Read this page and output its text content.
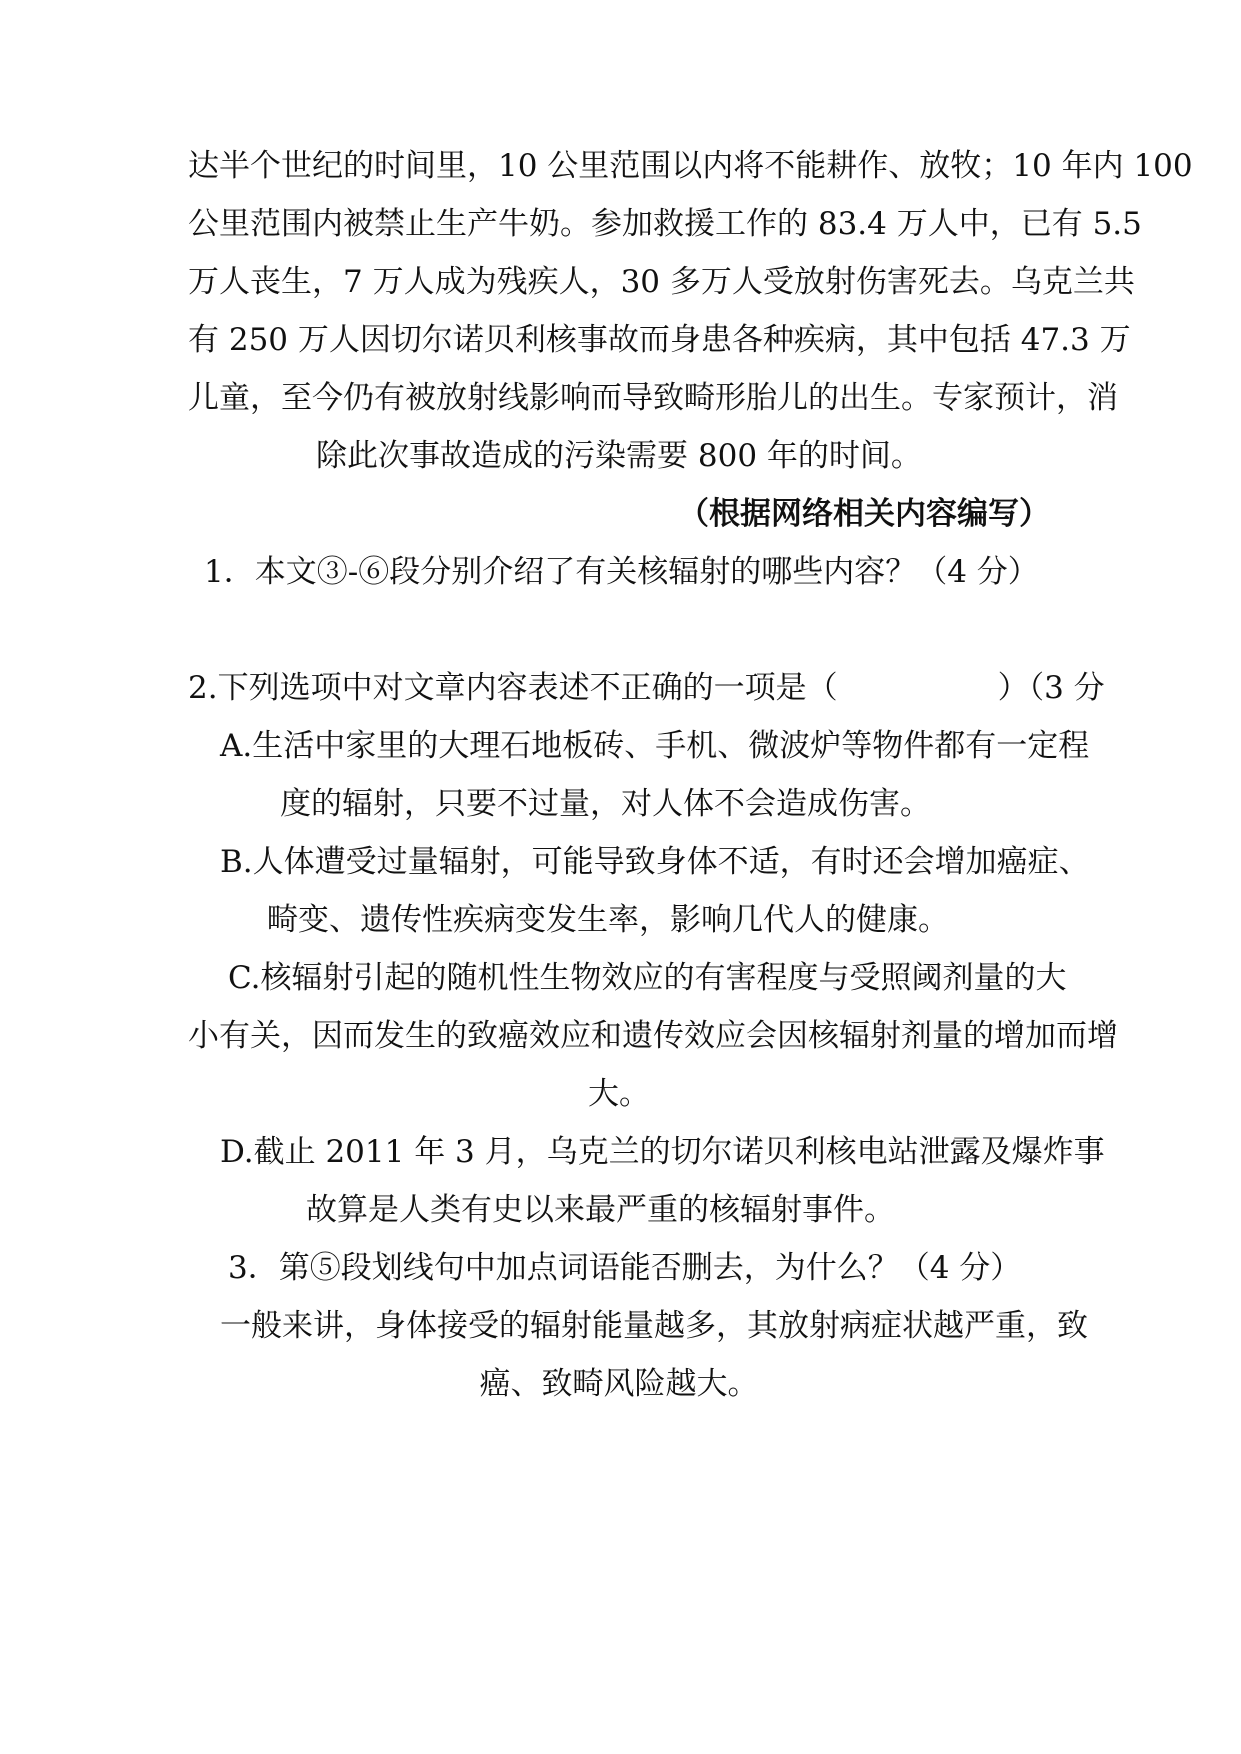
达半个世纪的时间里，10 公里范围以内将不能耕作、放牧；10 年内 100
公里范围内被禁止生产牛奶。参加救援工作的 83.4 万人中，已有 5.5
万人丧生，7 万人成为残疾人，30 多万人受放射伤害死去。乌克兰共
有 250 万人因切尔诺贝利核事故而身患各种疾病，其中包括 47.3 万
儿童，至今仍有被放射线影响而导致畸形胎儿的出生。专家预计，消
除此次事故造成的污染需要 800 年的时间。
（根据网络相关内容编写）
1．本文③-⑥段分别介绍了有关核辐射的哪些内容？（4 分）
2.下列选项中对文章内容表述不正确的一项是（	）（3 分
A.生活中家里的大理石地板砖、手机、微波炉等物件都有一定程
度的辐射，只要不过量，对人体不会造成伤害。
B.人体遭受过量辐射，可能导致身体不适，有时还会增加癌症、
畸变、遗传性疾病变发生率，影响几代人的健康。
C.核辐射引起的随机性生物效应的有害程度与受照阈剂量的大
小有关，因而发生的致癌效应和遗传效应会因核辐射剂量的增加而增
大。
D.截止 2011 年 3 月，乌克兰的切尔诺贝利核电站泄露及爆炸事
故算是人类有史以来最严重的核辐射事件。
3．第⑤段划线句中加点词语能否删去，为什么？（4 分）
一般来讲，身体接受的辐射能量越多，其放射病症状越严重，致
癌、致畸风险越大。
